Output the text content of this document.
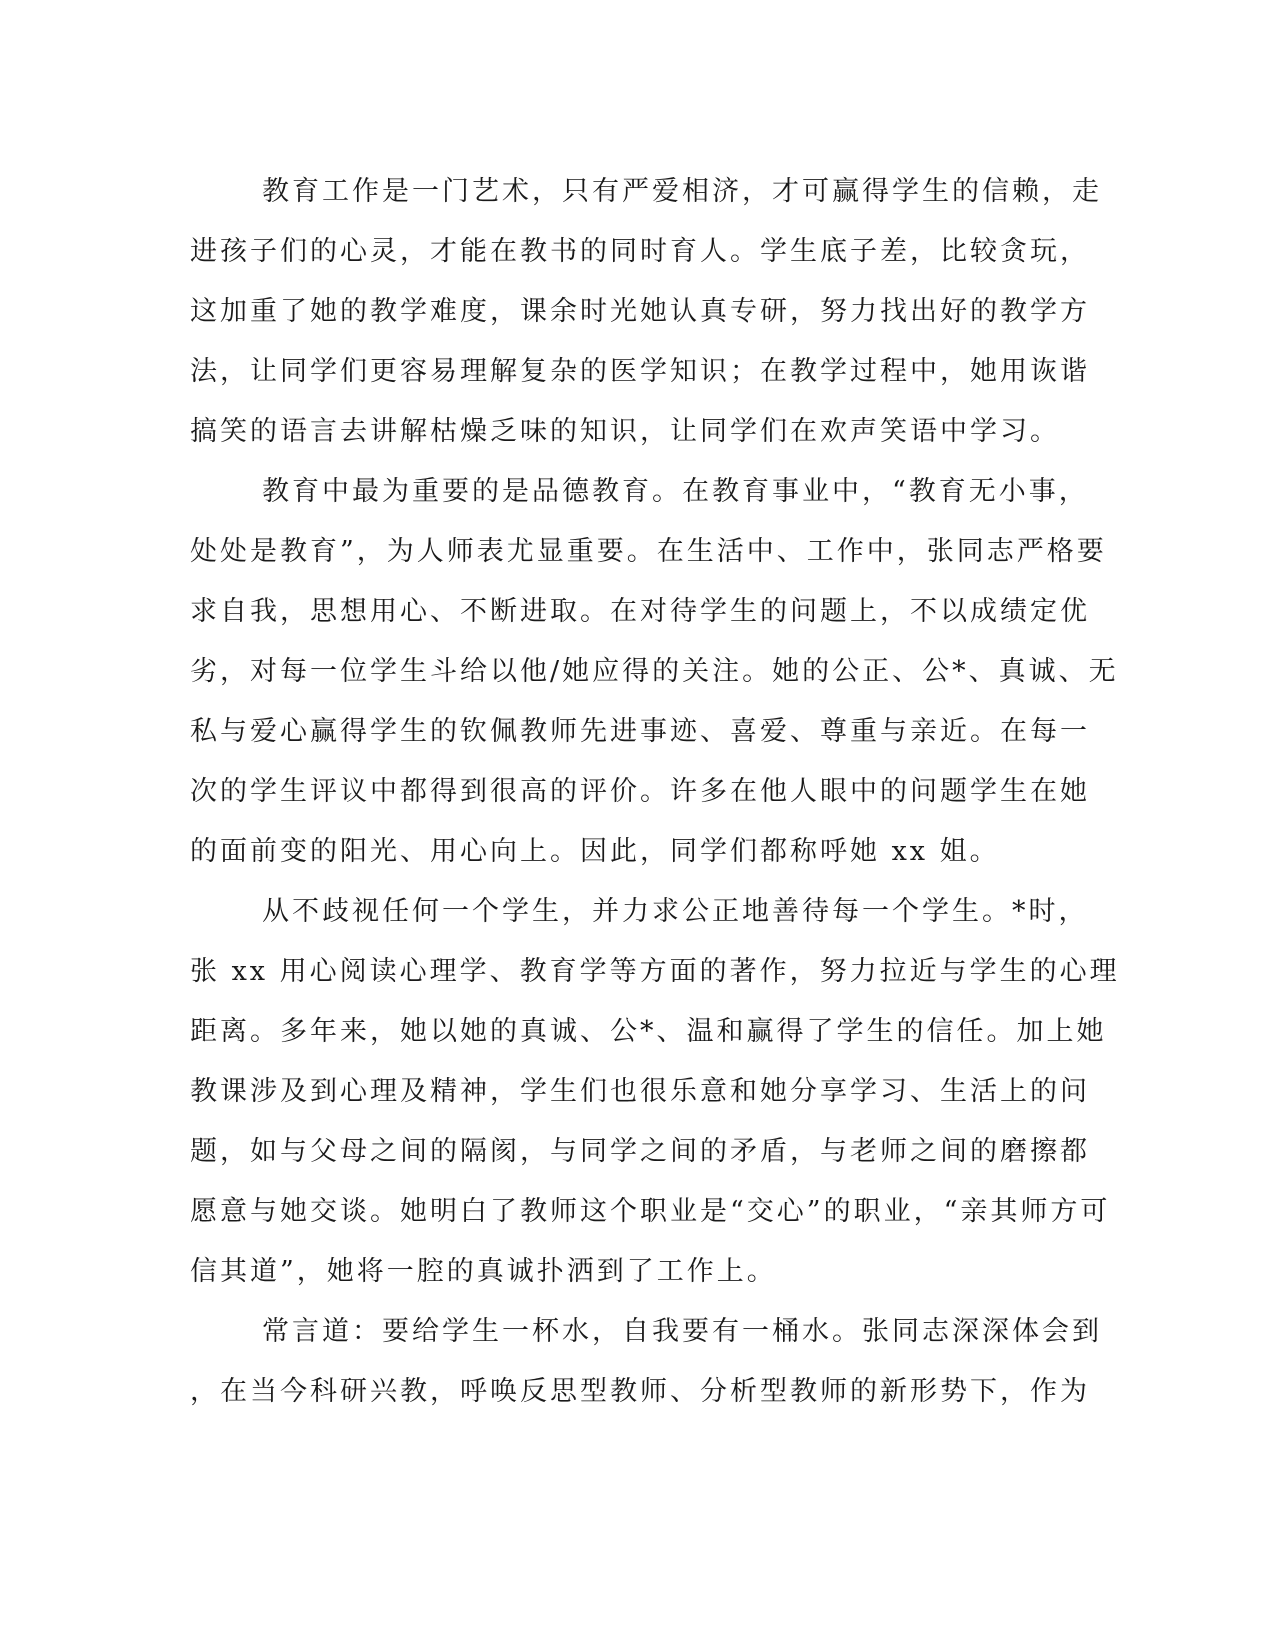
教育工作是一门艺术，只有严爱相济，才可赢得学生的信赖，走
进孩子们的心灵，才能在教书的同时育人。学生底子差，比较贪玩，
这加重了她的教学难度，课余时光她认真专研，努力找出好的教学方
法，让同学们更容易理解复杂的医学知识；在教学过程中，她用诙谐
搞笑的语言去讲解枯燥乏味的知识，让同学们在欢声笑语中学习。
教育中最为重要的是品德教育。在教育事业中，“教育无小事，
处处是教育”，为人师表尤显重要。在生活中、工作中，张同志严格要
求自我，思想用心、不断进取。在对待学生的问题上，不以成绩定优
劣，对每一位学生斗给以他/她应得的关注。她的公正、公*、真诚、无
私与爱心赢得学生的钦佩教师先进事迹、喜爱、尊重与亲近。在每一
次的学生评议中都得到很高的评价。许多在他人眼中的问题学生在她
的面前变的阳光、用心向上。因此，同学们都称呼她 xx 姐。
从不歧视任何一个学生，并力求公正地善待每一个学生。*时，
张 xx 用心阅读心理学、教育学等方面的著作，努力拉近与学生的心理
距离。多年来，她以她的真诚、公*、温和赢得了学生的信任。加上她
教课涉及到心理及精神，学生们也很乐意和她分享学习、生活上的问
题，如与父母之间的隔阂，与同学之间的矛盾，与老师之间的磨擦都
愿意与她交谈。她明白了教师这个职业是“交心”的职业，“亲其师方可
信其道”，她将一腔的真诚扑洒到了工作上。
常言道：要给学生一杯水，自我要有一桶水。张同志深深体会到
，在当今科研兴教，呼唤反思型教师、分析型教师的新形势下，作为
